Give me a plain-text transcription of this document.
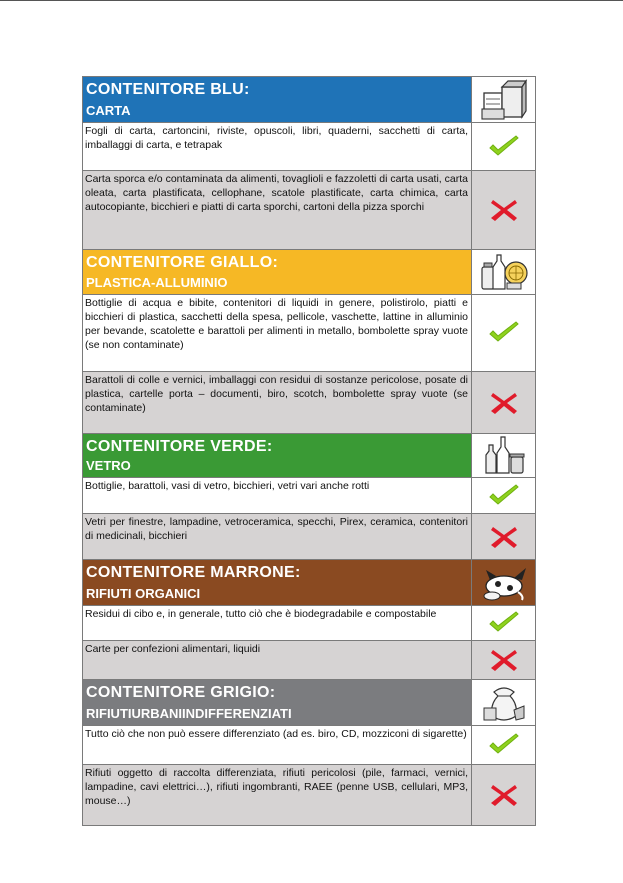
CONTENITORE BLU:
CARTA
Fogli di carta, cartoncini, riviste, opuscoli, libri, quaderni, sacchetti di carta, imballaggi di carta, e tetrapak
Carta sporca e/o contaminata da alimenti, tovaglioli e fazzoletti di carta usati, carta oleata, carta plastificata, cellophane, scatole plastificate, carta chimica, carta autocopiante, bicchieri e piatti di carta sporchi, cartoni della pizza sporchi
CONTENITORE GIALLO:
PLASTICA-ALLUMINIO
Bottiglie di acqua e bibite, contenitori di liquidi in genere, polistirolo, piatti e bicchieri di plastica, sacchetti della spesa, pellicole, vaschette, lattine in alluminio per bevande, scatolette e barattoli per alimenti in metallo, bombolette spray vuote (se non contaminate)
Barattoli di colle e vernici, imballaggi con residui di sostanze pericolose, posate di plastica, cartelle porta – documenti, biro, scotch, bombolette spray vuote (se contaminate)
CONTENITORE VERDE:
VETRO
Bottiglie, barattoli, vasi di vetro, bicchieri, vetri vari anche rotti
Vetri per finestre, lampadine, vetroceramica, specchi, Pirex, ceramica, contenitori di medicinali, bicchieri
CONTENITORE MARRONE:
RIFIUTI ORGANICI
Residui di cibo e, in generale, tutto ciò che è biodegradabile e compostabile
Carte per confezioni alimentari, liquidi
CONTENITORE GRIGIO:
RIFIUTIURBANIINDIFFERENZIATI
Tutto ciò che non può essere differenziato (ad es. biro, CD, mozziconi di sigarette)
Rifiuti oggetto di raccolta differenziata, rifiuti pericolosi (pile, farmaci, vernici, lampadine, cavi elettrici…), rifiuti ingombranti, RAEE (penne USB, cellulari, MP3, mouse…)
